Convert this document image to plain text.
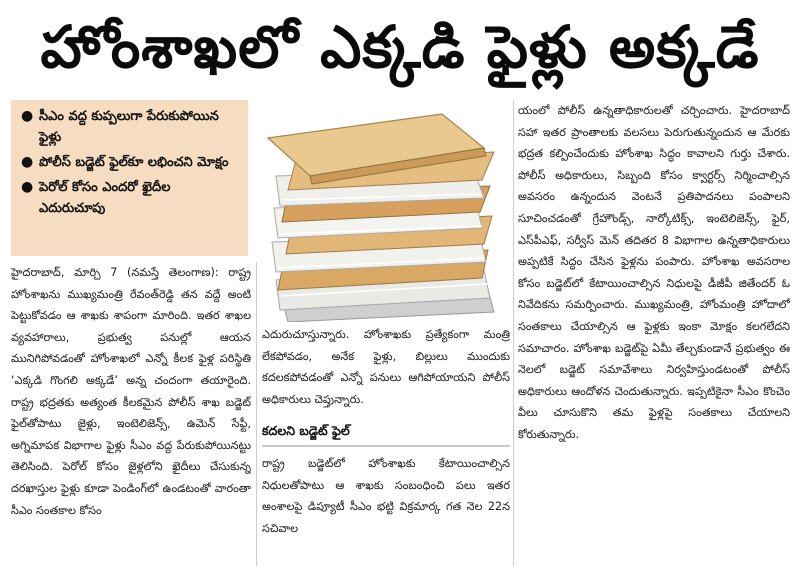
హోంశాఖలో ఎక్కడి ఫైళ్లు అక్కడే
● సీఎం వద్ద కుప్పలుగా పేరుకుపోయిన ఫైళ్లు
● పోలీస్ బడ్జెట్ ఫైల్‌కూ లభించని మోక్షం
● పెరోల్ కోసం ఎందరో ఖైదీల ఎదురుచూపు

హైదరాబాద్, మార్చి 7 (నమస్తే తెలంగాణ): రాష్ట్ర హోంశాఖను ముఖ్యమంత్రి రేవంత్‌రెడ్డి తన వద్దే అంటి పెట్టుకోవడం ఆ శాఖకు శాపంగా మారింది. ఇతర శాఖల వ్యవహారాలు, ప్రభుత్వ పనుల్లో ఆయన మునిగిపోవడంతో హోంశాఖలో ఎన్నో కీలక ఫైళ్ల పరిస్థితి ‘ఎక్కడి గొంగలి అక్కడే’ అన్న చందంగా తయారైంది. రాష్ట్ర భద్రతకు అత్యంత కీలకమైన పోలీస్ శాఖ బడ్జెట్ ఫైల్‌తోపాటు జైళ్లు, ఇంటెలిజెన్స్, ఉమెన్ సేఫ్టీ, అగ్నిమాపక విభాగాల ఫైళ్లు సీఎం వద్ద పేరుకుపోయినట్టు తెలిసింది. పెరోల్ కోసం జైళ్లలోని ఖైదీలు చేసుకున్న దరఖాస్తుల ఫైళ్లు కూడా పెండింగ్‌లో ఉండటంతో వారంతా సీఎం సంతకాల కోసం

ఎదురుచూస్తున్నారు. హోంశాఖకు ప్రత్యేకంగా మంత్రి లేకపోవడం, అనేక ఫైళ్లు, బిల్లులు ముందుకు కదలకపోవడంతో ఎన్నో పనులు ఆగిపోయాయని పోలీస్ అధికారులు చెప్తున్నారు.

కదలని బడ్జెట్ ఫైల్

రాష్ట్ర బడ్జెట్‌లో హోంశాఖకు కేటాయించాల్సిన నిధులతోపాటు ఆ శాఖకు సంబంధించి పలు ఇతర అంశాలపై డిప్యూటీ సీఎం భట్టి విక్రమార్క గత నెల 22న సచివాల

యంలో పోలీస్ ఉన్నతాధికారులతో చర్చించారు. హైదరాబాద్ సహా ఇతర ప్రాంతాలకు వలసలు పెరుగుతున్నందున ఆ మేరకు భద్రత కల్పించేందుకు హోంశాఖ సిద్ధం కావాలని గుర్తు చేశారు. పోలీస్ అధికారులు, సిబ్బంది కోసం క్వార్టర్స్ నిర్మించాల్సిన అవసరం ఉన్నందున వెంటనే ప్రతిపాదనలు పంపాలని సూచించడంతో గ్రేహౌండ్స్, నార్కోటిక్స్, ఇంటెలిజెన్స్, ఫైర్, ఎస్‌పీఎఫ్, సర్వీస్ మెన్ తదితర 8 విభాగాల ఉన్నతాధికారులు అప్పటికే సిద్ధం చేసిన ఫైళ్లను పంపారు. హోంశాఖ అవసరాల కోసం బడ్జెట్‌లో కేటాయించాల్సిన నిధులపై డీజీపీ జితేందర్ ఓ నివేదికను సమర్పించారు. ముఖ్యమంత్రి, హోంమంత్రి హోదాలో సంతకాలు చేయాల్సిన ఆ ఫైళ్లకు ఇంకా మోక్షం కలగలేదని సమాచారం. హోంశాఖ బడ్జెట్‌పై ఏమీ తేల్చకుండానే ప్రభుత్వం ఈ నెలలో బడ్జెట్ సమావేశాలు నిర్వహిస్తుండటంతో పోలీస్ అధికారులు ఆందోళన చెందుతున్నారు. ఇప్పటికైనా సీఎం కొంచెం వీలు చూసుకొని తమ ఫైళ్లపై సంతకాలు చేయాలని కోరుతున్నారు.
